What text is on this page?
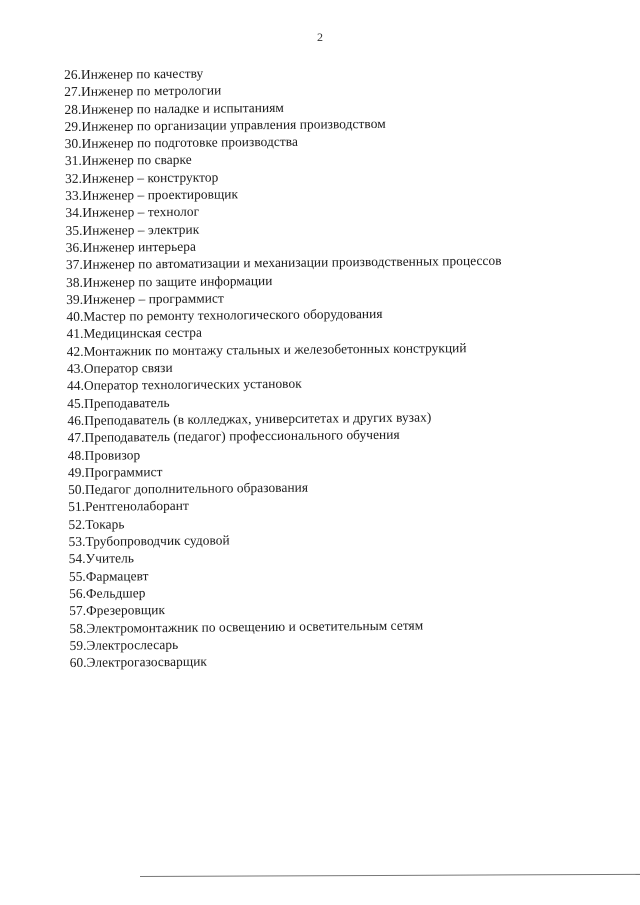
2
26.Инженер по качеству
27.Инженер по метрологии
28.Инженер по наладке и испытаниям
29.Инженер по организации управления производством
30.Инженер по подготовке производства
31.Инженер по сварке
32.Инженер – конструктор
33.Инженер – проектировщик
34.Инженер – технолог
35.Инженер – электрик
36.Инженер интерьера
37.Инженер по автоматизации и механизации производственных процессов
38.Инженер по защите информации
39.Инженер – программист
40.Мастер по ремонту технологического оборудования
41.Медицинская сестра
42.Монтажник по монтажу стальных и железобетонных конструкций
43.Оператор связи
44.Оператор технологических установок
45.Преподаватель
46.Преподаватель (в колледжах, университетах и других вузах)
47.Преподаватель (педагог) профессионального обучения
48.Провизор
49.Программист
50.Педагог дополнительного образования
51.Рентгенолаборант
52.Токарь
53.Трубопроводчик судовой
54.Учитель
55.Фармацевт
56.Фельдшер
57.Фрезеровщик
58.Электромонтажник по освещению и осветительным сетям
59.Электрослесарь
60.Электрогазосварщик
